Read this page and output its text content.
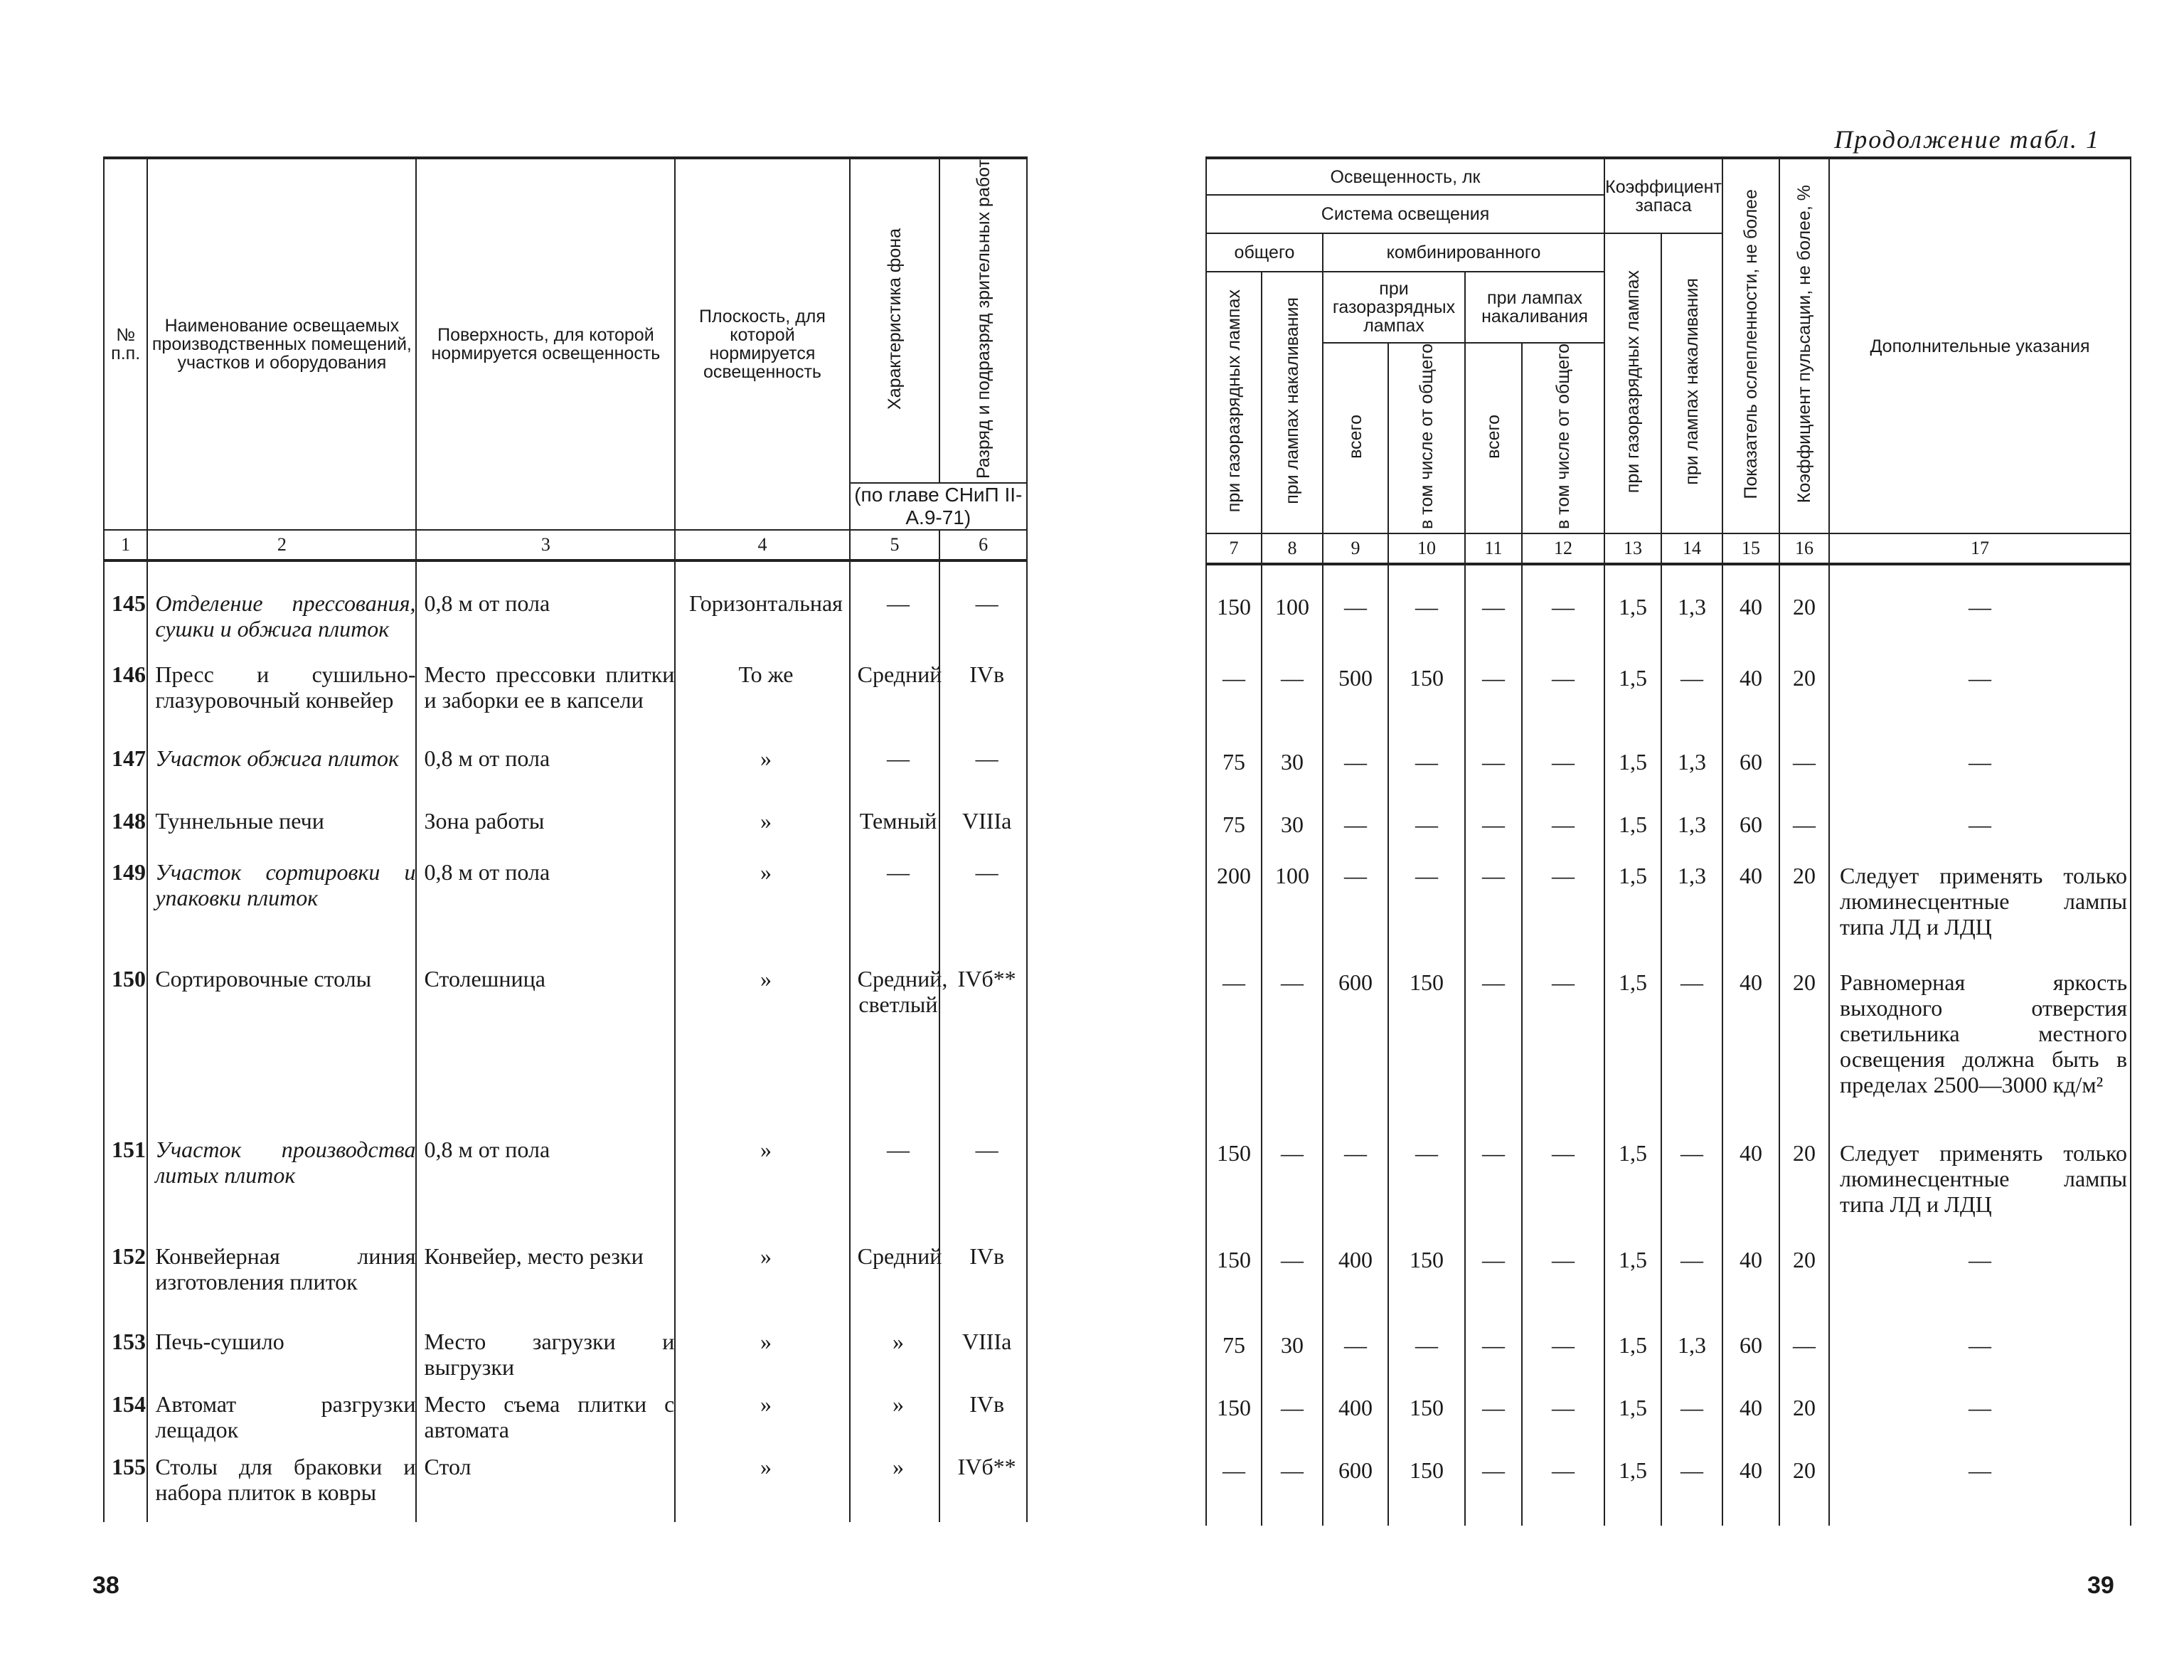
№ п.п.	Наименование освещаемых производственных помещений, участков и оборудования	Поверхность, для которой нормируется освещенность	Плоскость, для которой нормируется освещенность	Характеристика фона	Разряд и подразряд зрительных работ
				(по главе СНиП II-А.9-71)	
1	2	3	4	5	6
145	Отделение прессования, сушки и обжига плиток	0,8 м от пола	Горизонтальная	—	—
146	Пресс и сушильно-глазуровочный конвейер	Место прессовки плитки и заборки ее в капсели	То же	Средний	IVв
147	Участок обжига плиток	0,8 м от пола	»	—	—
148	Туннельные печи	Зона работы	»	Темный	VIIIа
149	Участок сортировки и упаковки плиток	0,8 м от пола	»	—	—
150	Сортировочные столы	Столешница	»	Средний, светлый	IVб**
151	Участок производства литых плиток	0,8 м от пола	»	—	—
152	Конвейерная линия изготовления плиток	Конвейер, место резки	»	Средний	IVв
153	Печь-сушило	Место загрузки и выгрузки	»	»	VIIIа
154	Автомат разгрузки лещадок	Место съема плитки с автомата	»	»	IVв
155	Столы для браковки и набора плиток в ковры	Стол	»	»	IVб**
38
Продолжение табл. 1
Освещенность, лк						Коэффициент запаса		Показатель ослепленности, не более	Коэффициент пульсации, не более, %	Дополнительные указания
Система освещения										
общего		комбинированного				при газоразрядных лампах	при лампах накаливания			
при газоразрядных лампах	при лампах накаливания	при газоразрядных лампах		при лампах накаливания						
		всего	в том числе от общего	всего	в том числе от общего					
7	8	9	10	11	12	13	14	15	16	17
150	100	—	—	—	—	1,5	1,3	40	20	—
—	—	500	150	—	—	1,5	—	40	20	—
75	30	—	—	—	—	1,5	1,3	60	—	—
75	30	—	—	—	—	1,5	1,3	60	—	—
200	100	—	—	—	—	1,5	1,3	40	20	Следует применять только люминесцентные лампы типа ЛД и ЛДЦ
—	—	600	150	—	—	1,5	—	40	20	Равномерная яркость выходного отверстия светильника местного освещения должна быть в пределах 2500—3000 кд/м²
150	—	—	—	—	—	1,5	—	40	20	Следует применять только люминесцентные лампы типа ЛД и ЛДЦ
150	—	400	150	—	—	1,5	—	40	20	—
75	30	—	—	—	—	1,5	1,3	60	—	—
150	—	400	150	—	—	1,5	—	40	20	—
—	—	600	150	—	—	1,5	—	40	20	—
39
